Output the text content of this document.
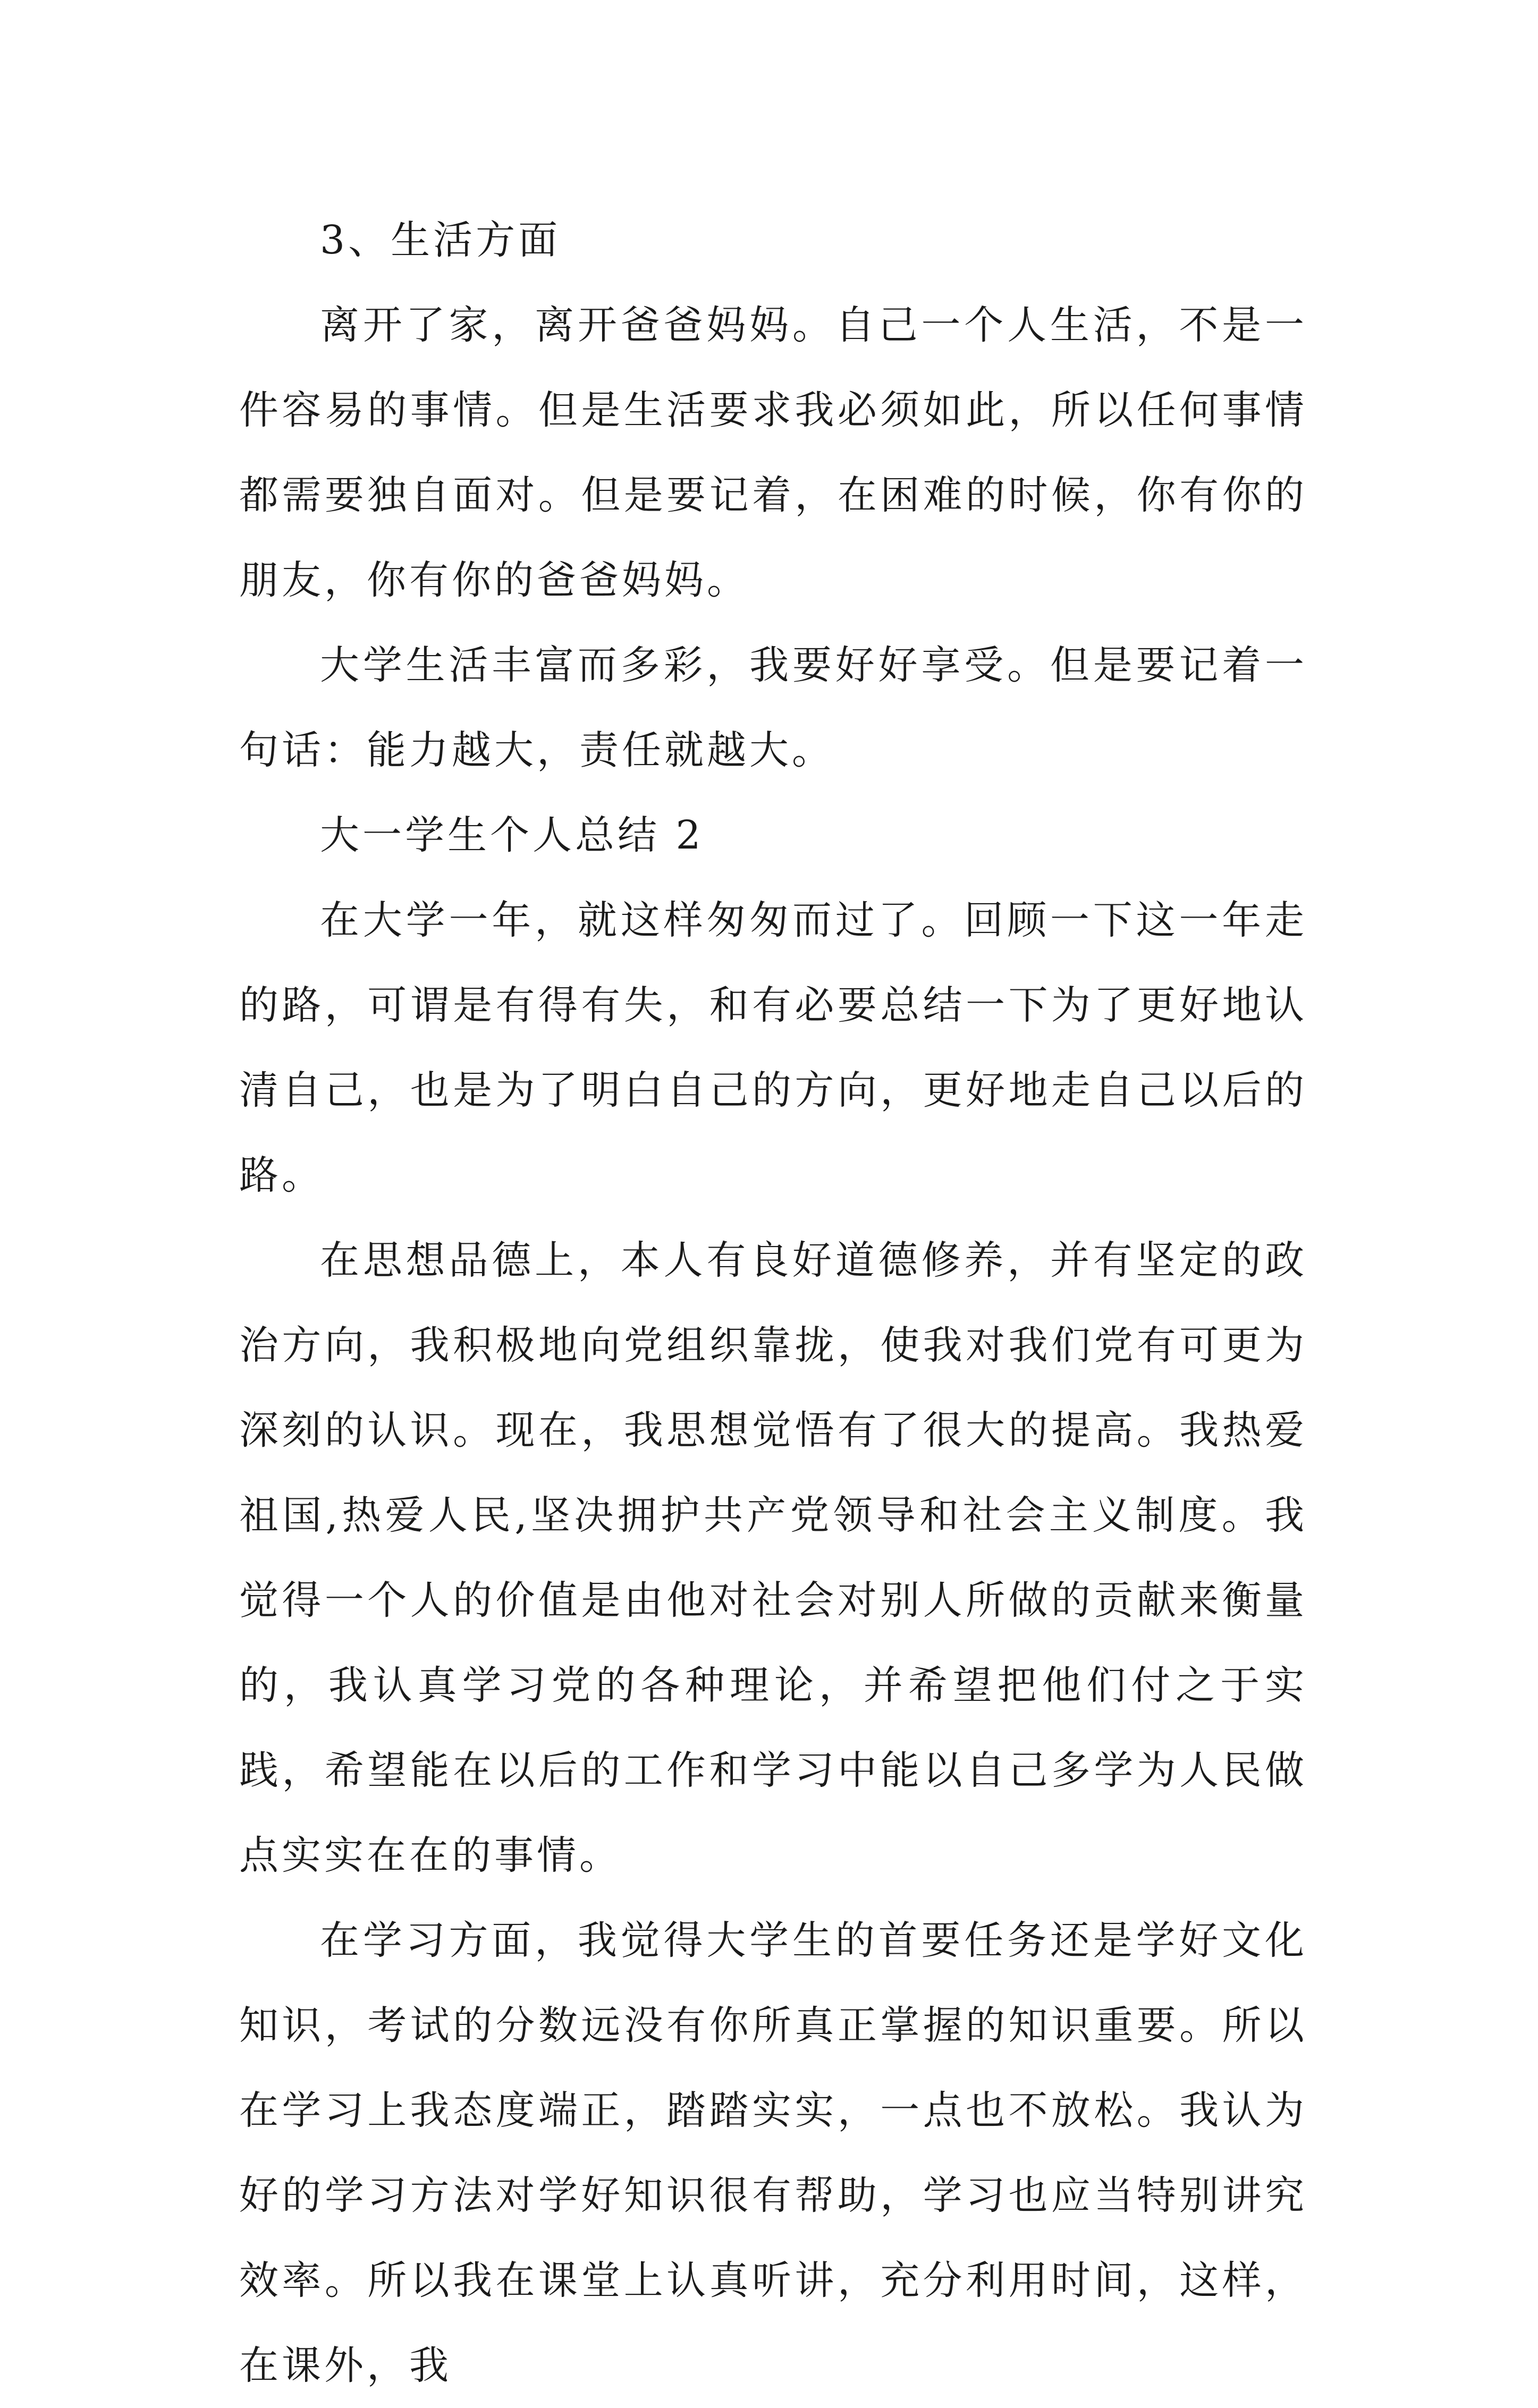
3、生活方面

离开了家，离开爸爸妈妈。自己一个人生活，不是一件容易的事情。但是生活要求我必须如此，所以任何事情都需要独自面对。但是要记着，在困难的时候，你有你的朋友，你有你的爸爸妈妈。

大学生活丰富而多彩，我要好好享受。但是要记着一句话：能力越大，责任就越大。

大一学生个人总结 2

在大学一年，就这样匆匆而过了。回顾一下这一年走的路，可谓是有得有失，和有必要总结一下为了更好地认清自己，也是为了明白自己的方向，更好地走自己以后的路。

在思想品德上，本人有良好道德修养，并有坚定的政治方向，我积极地向党组织靠拢，使我对我们党有可更为深刻的认识。现在，我思想觉悟有了很大的提高。我热爱祖国,热爱人民,坚决拥护共产党领导和社会主义制度。我觉得一个人的价值是由他对社会对别人所做的贡献来衡量的，我认真学习党的各种理论，并希望把他们付之于实践，希望能在以后的工作和学习中能以自己多学为人民做点实实在在的事情。

在学习方面，我觉得大学生的首要任务还是学好文化知识，考试的分数远没有你所真正掌握的知识重要。所以在学习上我态度端正，踏踏实实，一点也不放松。我认为好的学习方法对学好知识很有帮助，学习也应当特别讲究效率。所以我在课堂上认真听讲，充分利用时间，这样，在课外，我
